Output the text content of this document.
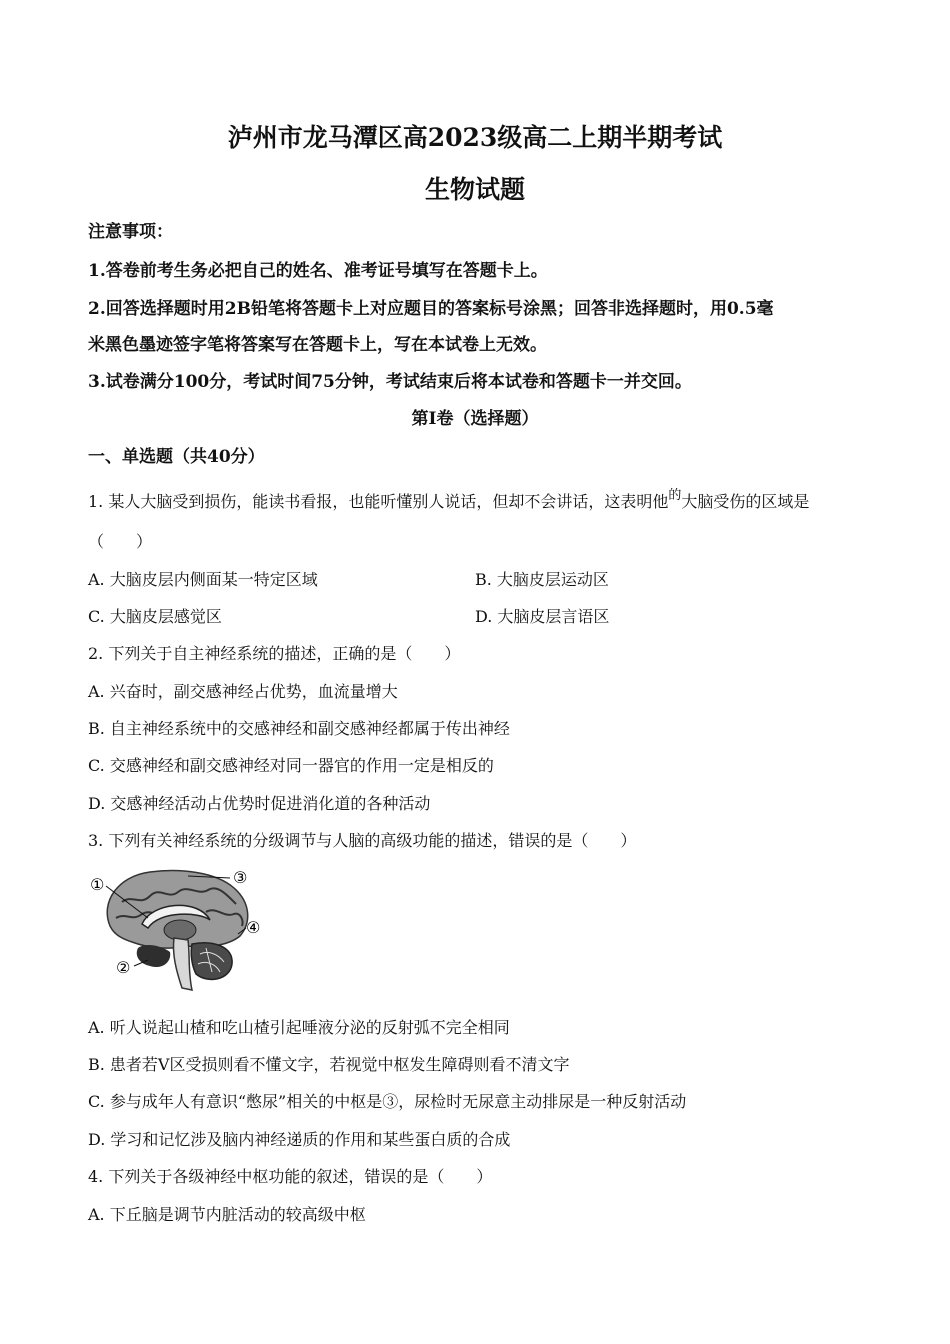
泸州市龙马潭区高2023级高二上期半期考试
生物试题
注意事项：
1.答卷前考生务必把自己的姓名、准考证号填写在答题卡上。
2.回答选择题时用2B铅笔将答题卡上对应题目的答案标号涂黑；回答非选择题时，用0.5毫
米黑色墨迹签字笔将答案写在答题卡上，写在本试卷上无效。
3.试卷满分100分，考试时间75分钟，考试结束后将本试卷和答题卡一并交回。
第I卷（选择题）
一、单选题（共40分）
1. 某人大脑受到损伤，能读书看报，也能听懂别人说话，但却不会讲话，这表明他$^的$大脑受伤的区域是
（　　）
A. 大脑皮层内侧面某一特定区域	B. 大脑皮层运动区
C. 大脑皮层感觉区	D. 大脑皮层言语区
2. 下列关于自主神经系统的描述，正确的是（　　）
A. 兴奋时，副交感神经占优势，血流量增大
B. 自主神经系统中的交感神经和副交感神经都属于传出神经
C. 交感神经和副交感神经对同一器官的作用一定是相反的
D. 交感神经活动占优势时促进消化道的各种活动
3. 下列有关神经系统的分级调节与人脑的高级功能的描述，错误的是（　　）
①
②
③
④
A. 听人说起山楂和吃山楂引起唾液分泌的反射弧不完全相同
B. 患者若V区受损则看不懂文字，若视觉中枢发生障碍则看不清文字
C. 参与成年人有意识“憋尿”相关的中枢是③，尿检时无尿意主动排尿是一种反射活动
D. 学习和记忆涉及脑内神经递质的作用和某些蛋白质的合成
4. 下列关于各级神经中枢功能的叙述，错误的是（　　）
A. 下丘脑是调节内脏活动的较高级中枢
